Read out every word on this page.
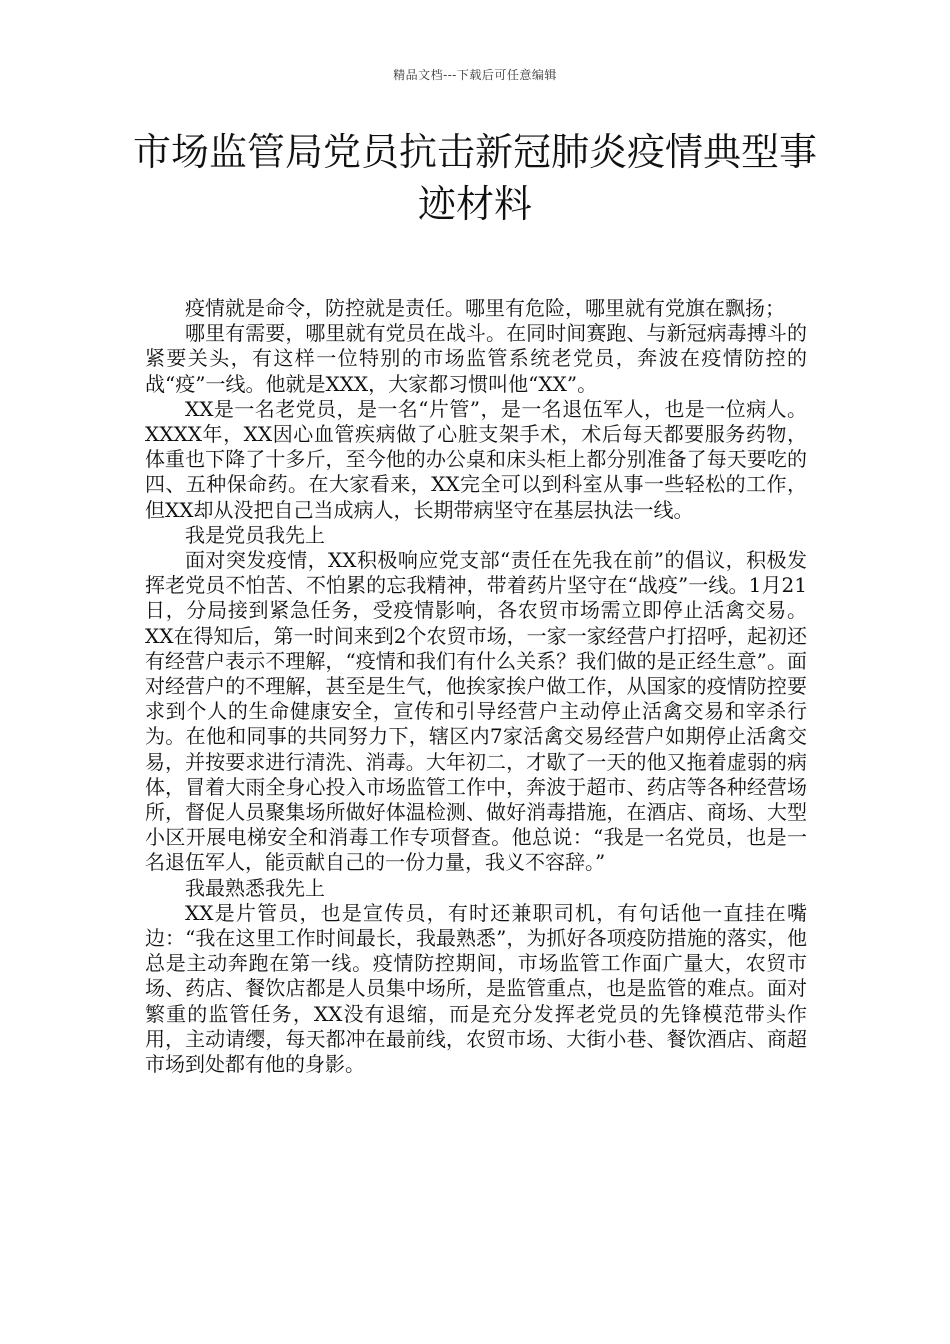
精品文档---下载后可任意编辑
市场监管局党员抗击新冠肺炎疫情典型事迹材料

疫情就是命令，防控就是责任。哪里有危险，哪里就有党旗在飘扬；

哪里有需要，哪里就有党员在战斗。在同时间赛跑、与新冠病毒搏斗的紧要关头，有这样一位特别的市场监管系统老党员，奔波在疫情防控的战“疫”一线。他就是XXX，大家都习惯叫他“XX”。

XX是一名老党员，是一名“片管”，是一名退伍军人，也是一位病人。XXXX年，XX因心血管疾病做了心脏支架手术，术后每天都要服务药物，体重也下降了十多斤，至今他的办公桌和床头柜上都分别准备了每天要吃的四、五种保命药。在大家看来，XX完全可以到科室从事一些轻松的工作，但XX却从没把自己当成病人，长期带病坚守在基层执法一线。

我是党员我先上

面对突发疫情，XX积极响应党支部“责任在先我在前”的倡议，积极发挥老党员不怕苦、不怕累的忘我精神，带着药片坚守在“战疫”一线。1月21日，分局接到紧急任务，受疫情影响，各农贸市场需立即停止活禽交易。XX在得知后，第一时间来到2个农贸市场，一家一家经营户打招呼，起初还有经营户表示不理解，“疫情和我们有什么关系？我们做的是正经生意”。面对经营户的不理解，甚至是生气，他挨家挨户做工作，从国家的疫情防控要求到个人的生命健康安全，宣传和引导经营户主动停止活禽交易和宰杀行为。在他和同事的共同努力下，辖区内7家活禽交易经营户如期停止活禽交易，并按要求进行清洗、消毒。大年初二，才歇了一天的他又拖着虚弱的病体，冒着大雨全身心投入市场监管工作中，奔波于超市、药店等各种经营场所，督促人员聚集场所做好体温检测、做好消毒措施，在酒店、商场、大型小区开展电梯安全和消毒工作专项督查。他总说：“我是一名党员，也是一名退伍军人，能贡献自己的一份力量，我义不容辞。”

我最熟悉我先上

XX是片管员，也是宣传员，有时还兼职司机，有句话他一直挂在嘴边：“我在这里工作时间最长，我最熟悉”，为抓好各项疫防措施的落实，他总是主动奔跑在第一线。疫情防控期间，市场监管工作面广量大，农贸市场、药店、餐饮店都是人员集中场所，是监管重点，也是监管的难点。面对繁重的监管任务，XX没有退缩，而是充分发挥老党员的先锋模范带头作用，主动请缨，每天都冲在最前线，农贸市场、大街小巷、餐饮酒店、商超市场到处都有他的身影。
